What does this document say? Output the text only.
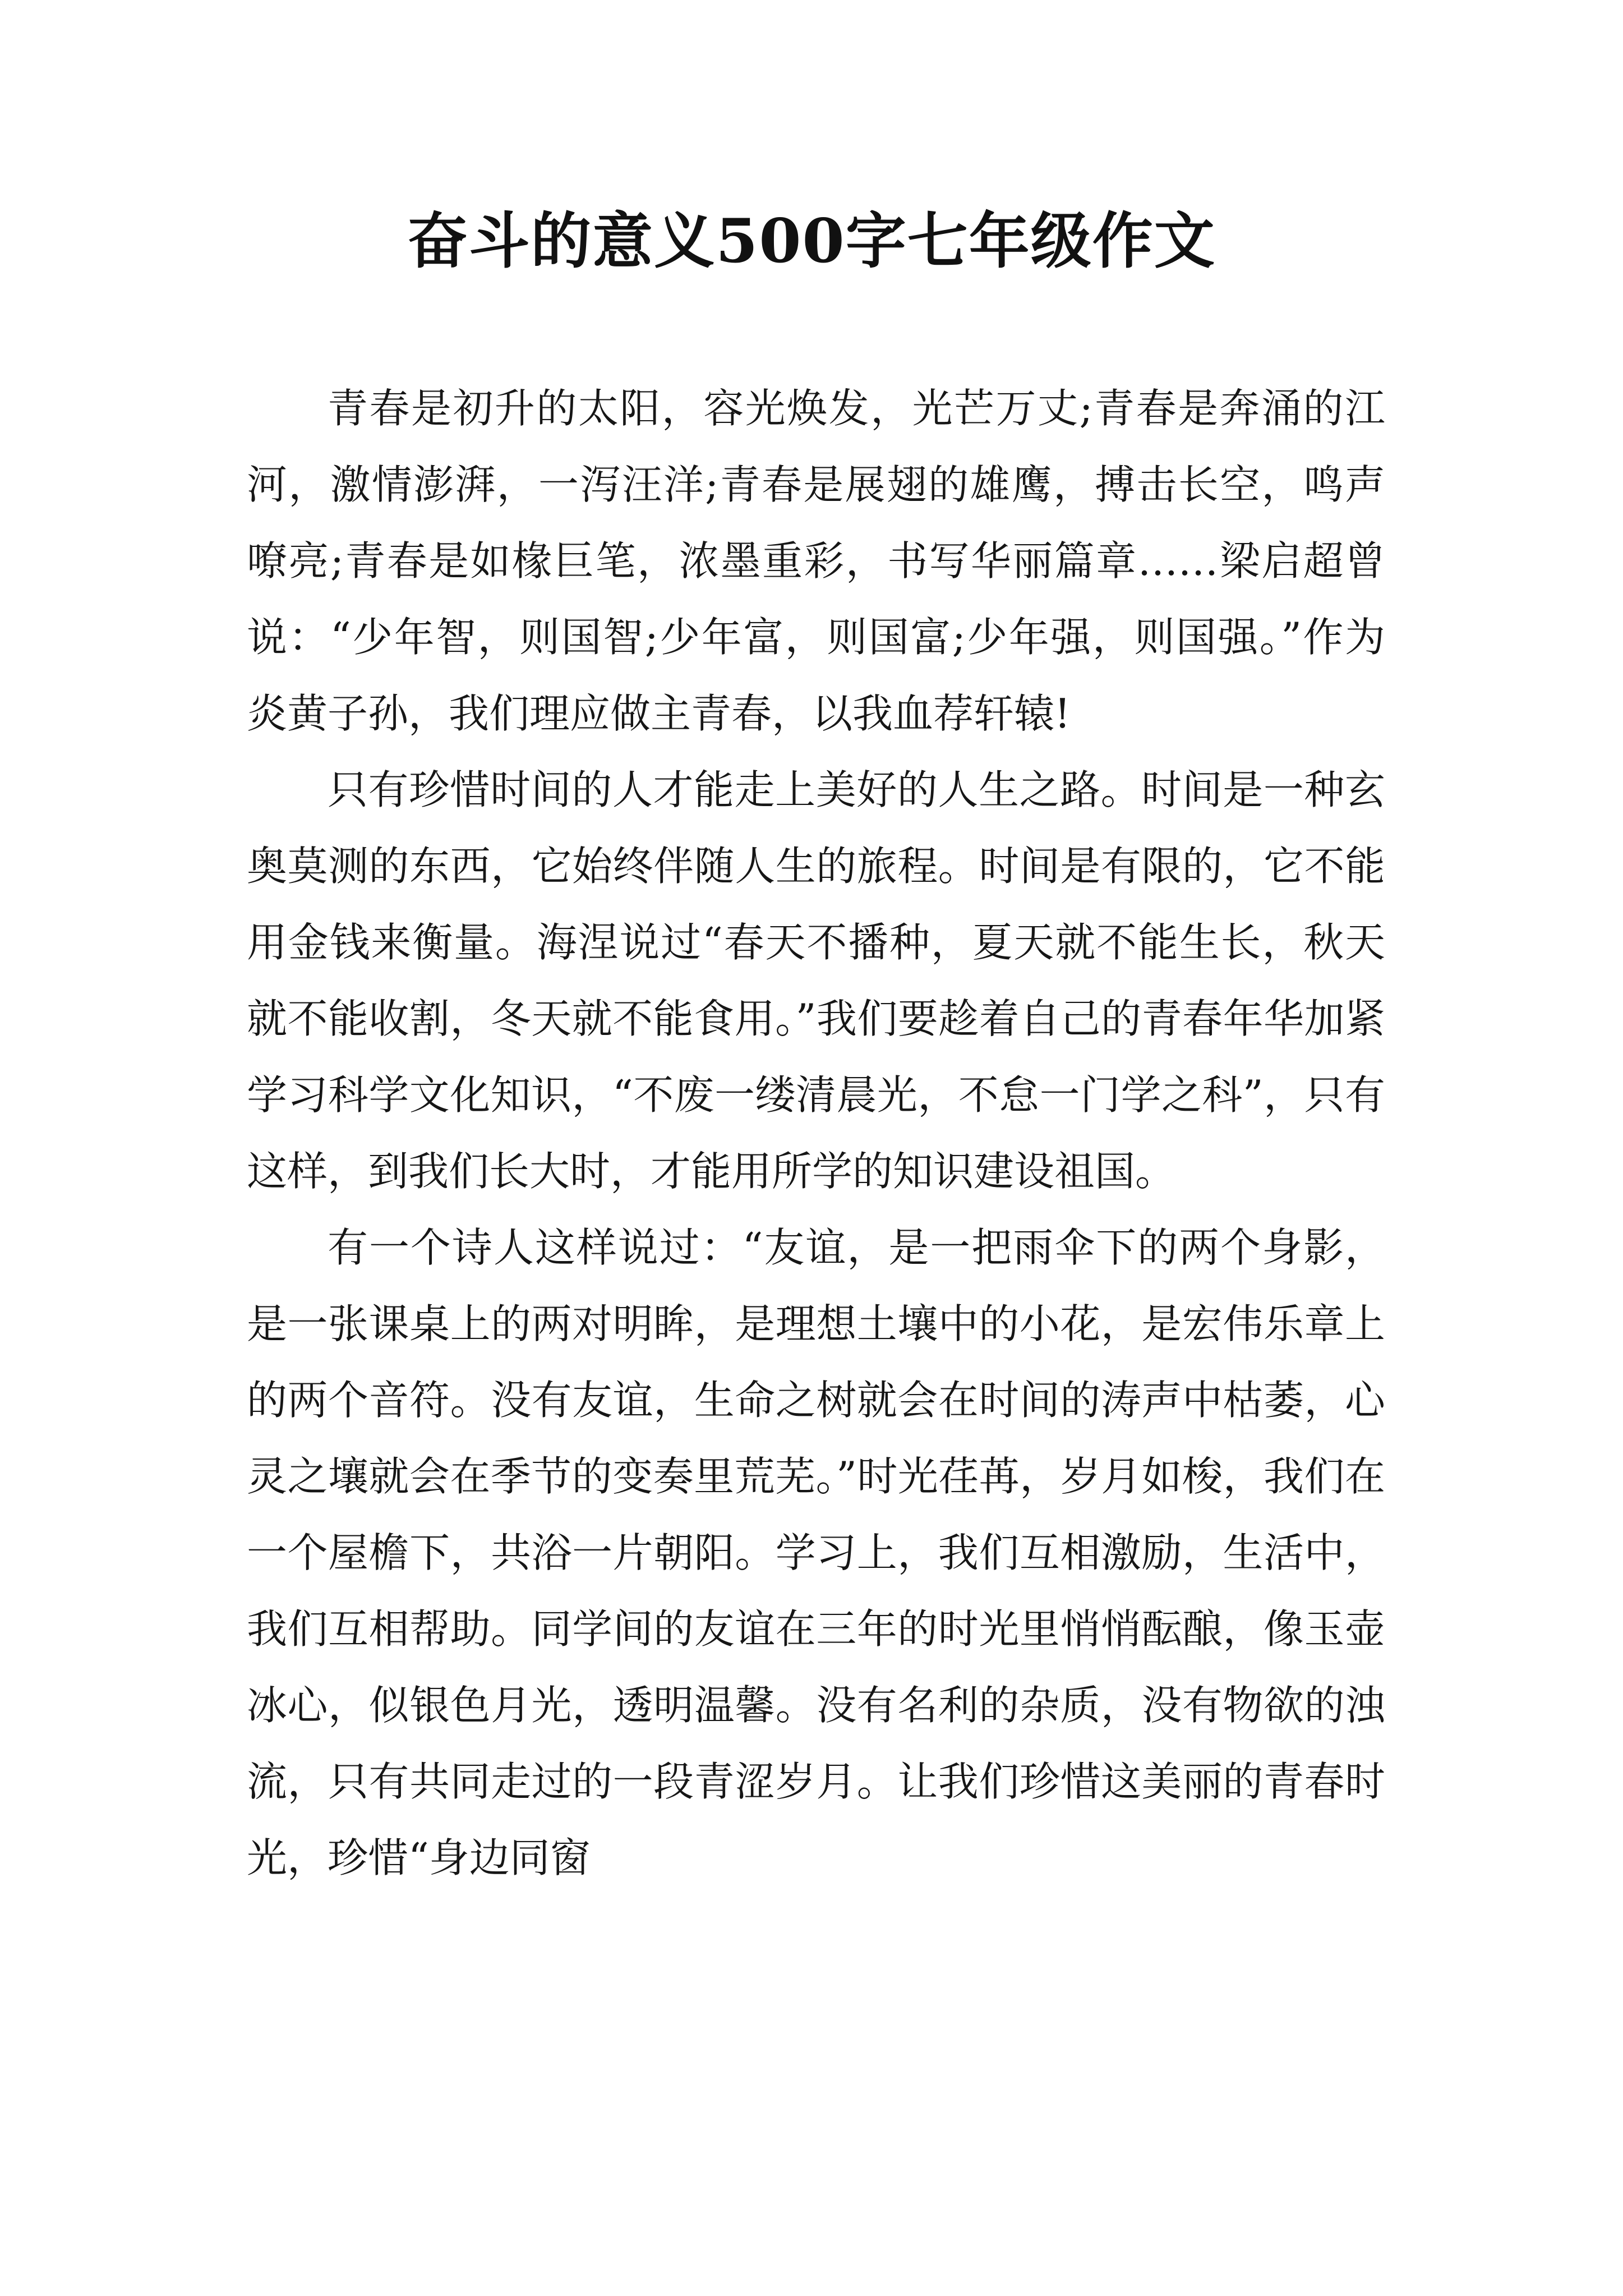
奋斗的意义500字七年级作文

青春是初升的太阳，容光焕发，光芒万丈;青春是奔涌的江河，激情澎湃，一泻汪洋;青春是展翅的雄鹰，搏击长空，鸣声嘹亮;青春是如椽巨笔，浓墨重彩，书写华丽篇章……梁启超曾说：“少年智，则国智;少年富，则国富;少年强，则国强。”作为炎黄子孙，我们理应做主青春，以我血荐轩辕!

只有珍惜时间的人才能走上美好的人生之路。时间是一种玄奥莫测的东西，它始终伴随人生的旅程。时间是有限的，它不能用金钱来衡量。海涅说过“春天不播种，夏天就不能生长，秋天就不能收割，冬天就不能食用。”我们要趁着自己的青春年华加紧学习科学文化知识，“不废一缕清晨光，不怠一门学之科”，只有这样，到我们长大时，才能用所学的知识建设祖国。

有一个诗人这样说过：“友谊，是一把雨伞下的两个身影，是一张课桌上的两对明眸，是理想土壤中的小花，是宏伟乐章上的两个音符。没有友谊，生命之树就会在时间的涛声中枯萎，心灵之壤就会在季节的变奏里荒芜。”时光荏苒，岁月如梭，我们在一个屋檐下，共浴一片朝阳。学习上，我们互相激励，生活中，我们互相帮助。同学间的友谊在三年的时光里悄悄酝酿，像玉壶冰心，似银色月光，透明温馨。没有名利的杂质，没有物欲的浊流，只有共同走过的一段青涩岁月。让我们珍惜这美丽的青春时光，珍惜“身边同窗
